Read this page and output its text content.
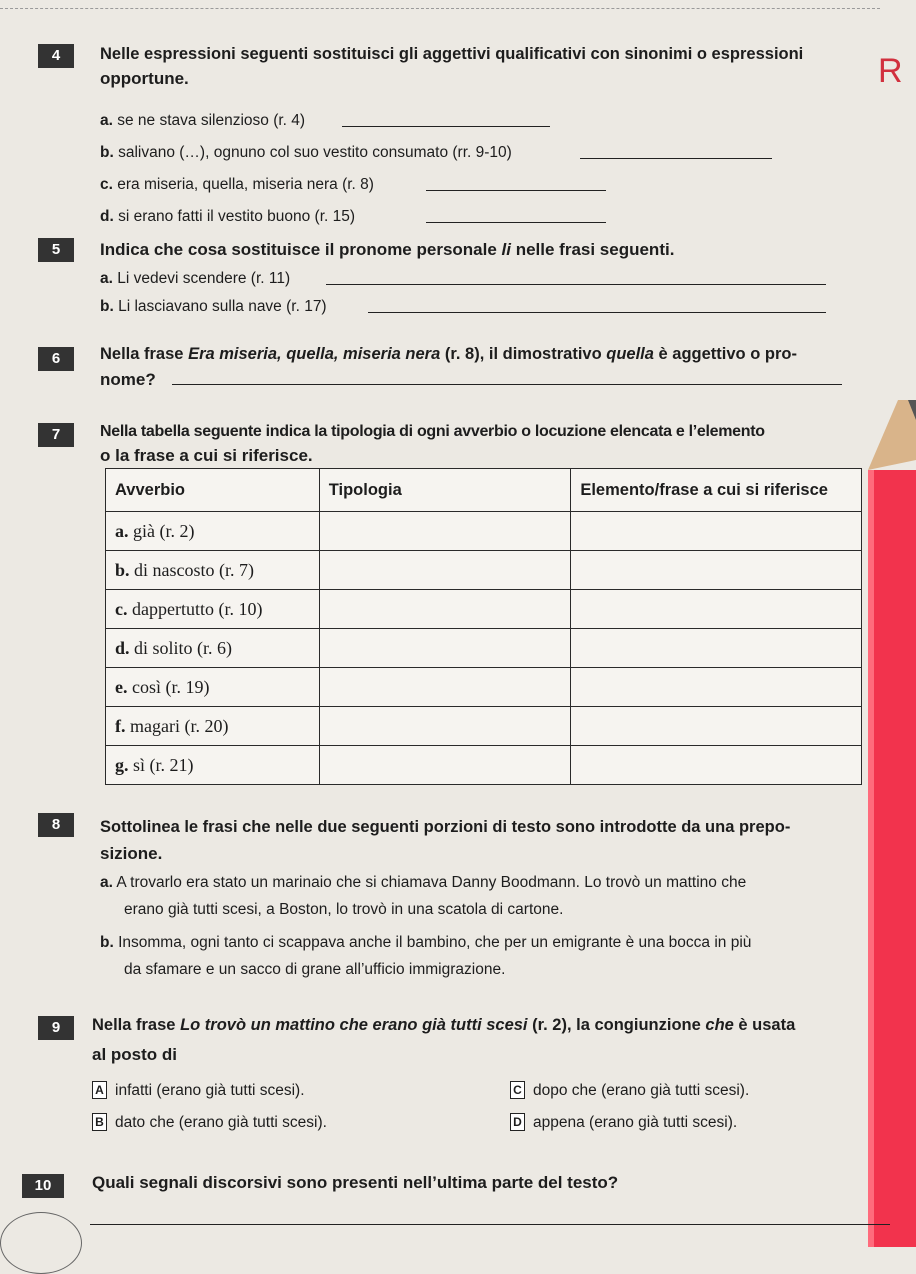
R
4	Nelle espressioni seguenti sostituisci gli aggettivi qualificativi con sinonimi o espressioni
opportune.
a. se ne stava silenzioso (r. 4)
b. salivano (…), ognuno col suo vestito consumato (rr. 9-10)
c. era miseria, quella, miseria nera (r. 8)
d. si erano fatti il vestito buono (r. 15)
5	Indica che cosa sostituisce il pronome personale li nelle frasi seguenti.
a. Li vedevi scendere (r. 11)
b. Li lasciavano sulla nave (r. 17)
6	Nella frase Era miseria, quella, miseria nera (r. 8), il dimostrativo quella è aggettivo o pro-
nome?
7	Nella tabella seguente indica la tipologia di ogni avverbio o locuzione elencata e l’elemento
o la frase a cui si riferisce.
Avverbio	Tipologia	Elemento/frase a cui si riferisce
a. già (r. 2)		
b. di nascosto (r. 7)		
c. dappertutto (r. 10)		
d. di solito (r. 6)		
e. così (r. 19)		
f. magari (r. 20)		
g. sì (r. 21)		
8	Sottolinea le frasi che nelle due seguenti porzioni di testo sono introdotte da una prepo-
sizione.
a. A trovarlo era stato un marinaio che si chiamava Danny Boodmann. Lo trovò un mattino che
erano già tutti scesi, a Boston, lo trovò in una scatola di cartone.
b. Insomma, ogni tanto ci scappava anche il bambino, che per un emigrante è una bocca in più
da sfamare e un sacco di grane all’ufficio immigrazione.
9	Nella frase Lo trovò un mattino che erano già tutti scesi (r. 2), la congiunzione che è usata
al posto di
A infatti (erano già tutti scesi).
B dato che (erano già tutti scesi).
C dopo che (erano già tutti scesi).
D appena (erano già tutti scesi).
10	Quali segnali discorsivi sono presenti nell’ultima parte del testo?
